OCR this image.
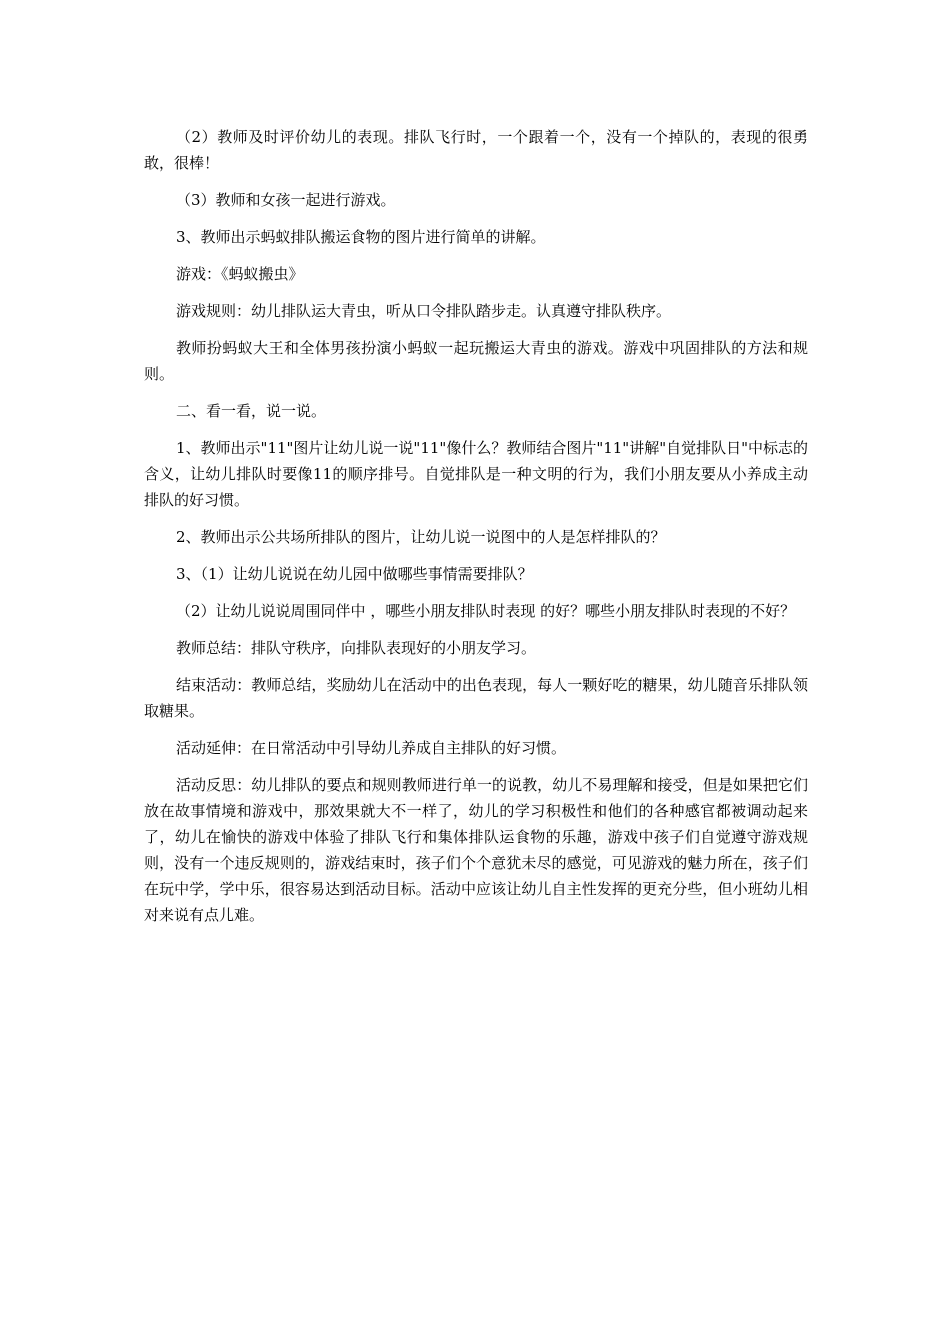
（2）教师及时评价幼儿的表现。排队飞行时，一个跟着一个，没有一个掉队的，表现的很勇敢，很棒！

（3）教师和女孩一起进行游戏。

3、教师出示蚂蚁排队搬运食物的图片进行简单的讲解。

游戏：《蚂蚁搬虫》

游戏规则：幼儿排队运大青虫，听从口令排队踏步走。认真遵守排队秩序。

教师扮蚂蚁大王和全体男孩扮演小蚂蚁一起玩搬运大青虫的游戏。游戏中巩固排队的方法和规则。

二、看一看，说一说。

1、教师出示"11"图片让幼儿说一说"11"像什么？教师结合图片"11"讲解"自觉排队日"中标志的含义，让幼儿排队时要像11的顺序排号。自觉排队是一种文明的行为，我们小朋友要从小养成主动排队的好习惯。

2、教师出示公共场所排队的图片，让幼儿说一说图中的人是怎样排队的？

3、（1）让幼儿说说在幼儿园中做哪些事情需要排队？

（2）让幼儿说说周围同伴中 ，哪些小朋友排队时表现 的好？哪些小朋友排队时表现的不好？

教师总结：排队守秩序，向排队表现好的小朋友学习。

结束活动：教师总结，奖励幼儿在活动中的出色表现，每人一颗好吃的糖果，幼儿随音乐排队领取糖果。

活动延伸：在日常活动中引导幼儿养成自主排队的好习惯。

活动反思：幼儿排队的要点和规则教师进行单一的说教，幼儿不易理解和接受，但是如果把它们放在故事情境和游戏中，那效果就大不一样了，幼儿的学习积极性和他们的各种感官都被调动起来了，幼儿在愉快的游戏中体验了排队飞行和集体排队运食物的乐趣，游戏中孩子们自觉遵守游戏规则，没有一个违反规则的，游戏结束时，孩子们个个意犹未尽的感觉，可见游戏的魅力所在，孩子们在玩中学，学中乐，很容易达到活动目标。活动中应该让幼儿自主性发挥的更充分些，但小班幼儿相对来说有点儿难。
